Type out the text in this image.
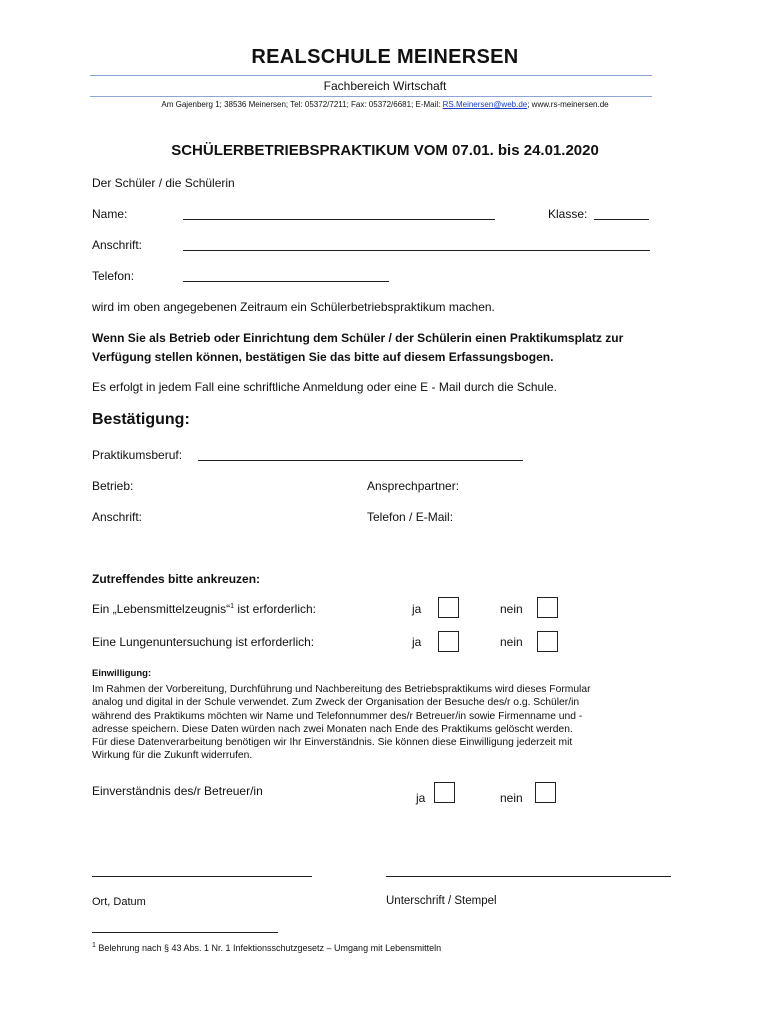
REALSCHULE MEINERSEN
Fachbereich Wirtschaft
Am Gajenberg 1; 38536 Meinersen; Tel: 05372/7211; Fax: 05372/6681; E-Mail: RS.Meinersen@web.de; www.rs-meinersen.de
SCHÜLERBETRIEBSPRAKTIKUM VOM 07.01. bis 24.01.2020
Der Schüler / die Schülerin
Name:	Klasse:
Anschrift:
Telefon:
wird im oben angegebenen Zeitraum ein Schülerbetriebspraktikum machen.
Wenn Sie als Betrieb oder Einrichtung dem Schüler / der Schülerin einen Praktikumsplatz zur
Verfügung stellen können, bestätigen Sie das bitte auf diesem Erfassungsbogen.
Es erfolgt in jedem Fall eine schriftliche Anmeldung oder eine E - Mail durch die Schule.
Bestätigung:
Praktikumsberuf:
Betrieb:	Ansprechpartner:
Anschrift:	Telefon / E-Mail:
Zutreffendes bitte ankreuzen:
Ein „Lebensmittelzeugnis“$^1$ ist erforderlich:	ja	nein
Eine Lungenuntersuchung ist erforderlich:	ja	nein
Einwilligung:
Im Rahmen der Vorbereitung, Durchführung und Nachbereitung des Betriebspraktikums wird dieses Formular
analog und digital in der Schule verwendet. Zum Zweck der Organisation der Besuche des/r o.g. Schüler/in
während des Praktikums möchten wir Name und Telefonnummer des/r Betreuer/in sowie Firmenname und -
adresse speichern. Diese Daten würden nach zwei Monaten nach Ende des Praktikums gelöscht werden.
Für diese Datenverarbeitung benötigen wir Ihr Einverständnis. Sie können diese Einwilligung jederzeit mit
Wirkung für die Zukunft widerrufen.
Einverständnis des/r Betreuer/in	ja	nein
Ort, Datum	Unterschrift / Stempel
$^1$ Belehrung nach § 43 Abs. 1 Nr. 1 Infektionsschutzgesetz – Umgang mit Lebensmitteln
